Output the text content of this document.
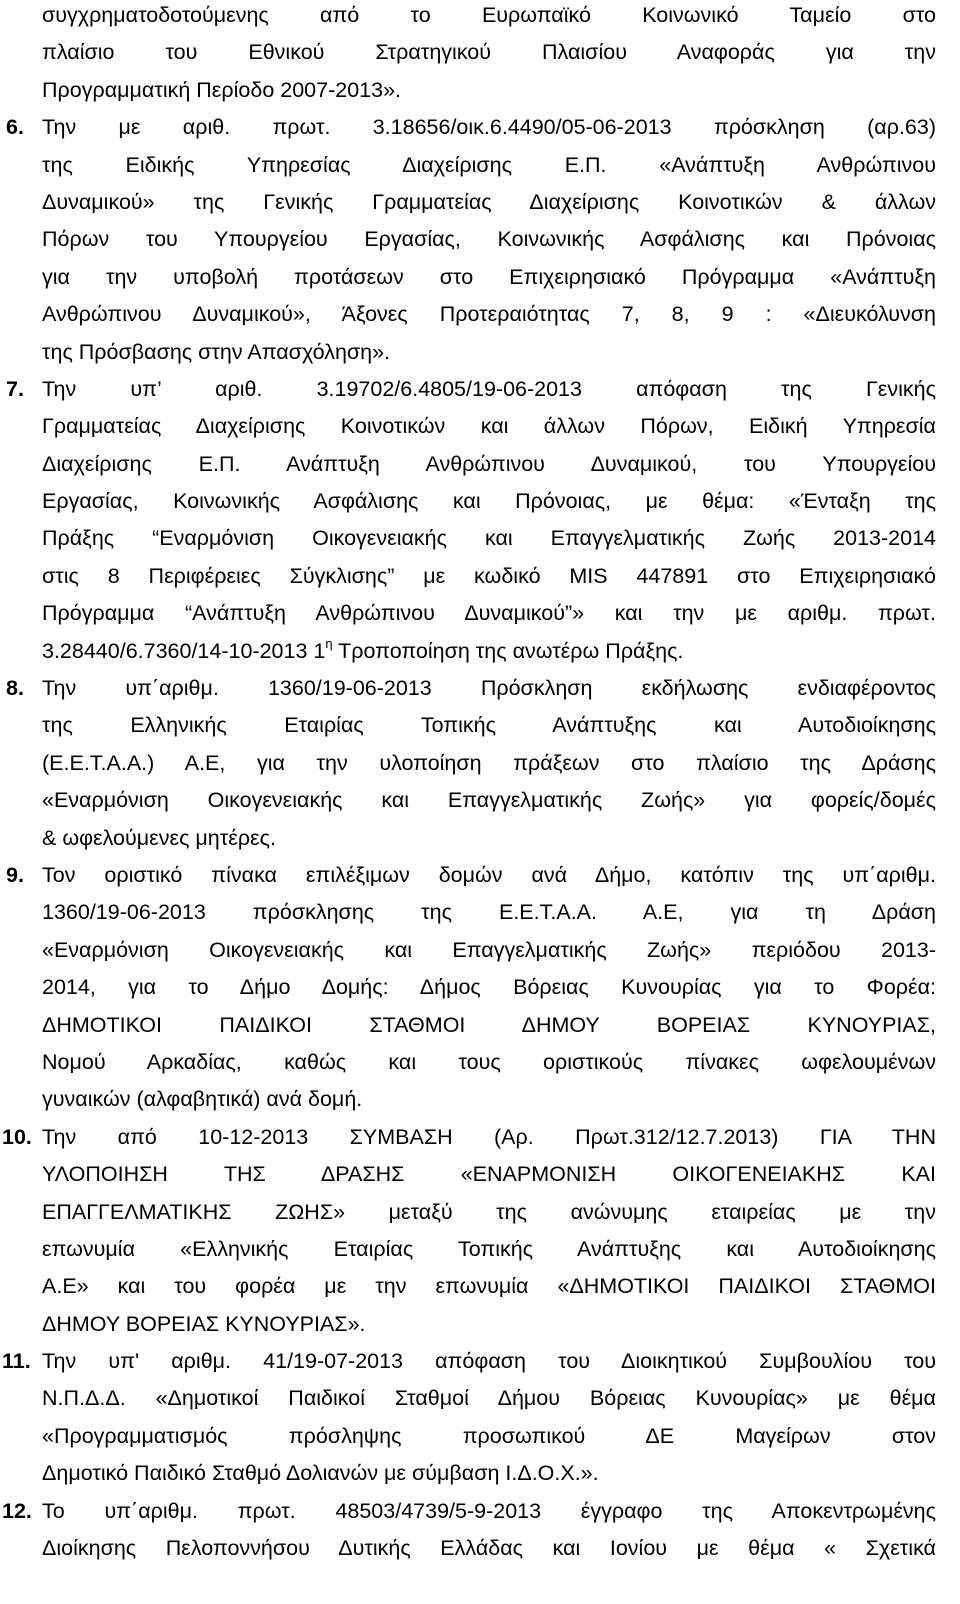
συγχρηματοδοτούμενης από το Ευρωπαϊκό Κοινωνικό Ταμείο στο
πλαίσιο του Εθνικού Στρατηγικού Πλαισίου Αναφοράς για την
Προγραμματική Περίοδο 2007-2013».
6. Την με αριθ. πρωτ. 3.18656/οικ.6.4490/05-06-2013 πρόσκληση (αρ.63)
της Ειδικής Υπηρεσίας Διαχείρισης Ε.Π. «Ανάπτυξη Ανθρώπινου
Δυναμικού» της Γενικής Γραμματείας Διαχείρισης Κοινοτικών & άλλων
Πόρων του Υπουργείου Εργασίας, Κοινωνικής Ασφάλισης και Πρόνοιας
για την υποβολή προτάσεων στο Επιχειρησιακό Πρόγραμμα «Ανάπτυξη
Ανθρώπινου Δυναμικού», Άξονες Προτεραιότητας 7, 8, 9 : «Διευκόλυνση
της Πρόσβασης στην Απασχόληση».
7. Την υπ’ αριθ. 3.19702/6.4805/19-06-2013 απόφαση της Γενικής
Γραμματείας Διαχείρισης Κοινοτικών και άλλων Πόρων, Ειδική Υπηρεσία
Διαχείρισης Ε.Π. Ανάπτυξη Ανθρώπινου Δυναμικού, του Υπουργείου
Εργασίας, Κοινωνικής Ασφάλισης και Πρόνοιας, με θέμα: «Ένταξη της
Πράξης “Εναρμόνιση Οικογενειακής και Επαγγελματικής Ζωής 2013-2014
στις 8 Περιφέρειες Σύγκλισης” με κωδικό MIS 447891 στο Επιχειρησιακό
Πρόγραμμα “Ανάπτυξη Ανθρώπινου Δυναμικού”» και την με αριθμ. πρωτ.
3.28440/6.7360/14-10-2013 $1^\eta$ Τροποποίηση της ανωτέρω Πράξης.
8. Την υπ΄αριθμ. 1360/19-06-2013 Πρόσκληση εκδήλωσης ενδιαφέροντος
της Ελληνικής Εταιρίας Τοπικής Ανάπτυξης και Αυτοδιοίκησης
(Ε.Ε.Τ.Α.Α.) Α.Ε, για την υλοποίηση πράξεων στο πλαίσιο της Δράσης
«Εναρμόνιση Οικογενειακής και Επαγγελματικής Ζωής» για φορείς/δομές
& ωφελούμενες μητέρες.
9. Τον οριστικό πίνακα επιλέξιμων δομών ανά Δήμο, κατόπιν της υπ΄αριθμ.
1360/19-06-2013 πρόσκλησης της Ε.Ε.Τ.Α.Α. Α.Ε, για τη Δράση
«Εναρμόνιση Οικογενειακής και Επαγγελματικής Ζωής» περιόδου 2013-
2014, για το Δήμο Δομής: Δήμος Βόρειας Κυνουρίας για το Φορέα:
ΔΗΜΟΤΙΚΟΙ ΠΑΙΔΙΚΟΙ ΣΤΑΘΜΟΙ ΔΗΜΟΥ ΒΟΡΕΙΑΣ ΚΥΝΟΥΡΙΑΣ,
Νομού Αρκαδίας, καθώς και τους οριστικούς πίνακες ωφελουμένων
γυναικών (αλφαβητικά) ανά δομή.
10. Την από 10-12-2013 ΣΥΜΒΑΣΗ (Αρ. Πρωτ.312/12.7.2013) ΓΙΑ ΤΗΝ
ΥΛΟΠΟΙΗΣΗ ΤΗΣ ΔΡΑΣΗΣ «ΕΝΑΡΜΟΝΙΣΗ ΟΙΚΟΓΕΝΕΙΑΚΗΣ ΚΑΙ
ΕΠΑΓΓΕΛΜΑΤΙΚΗΣ ΖΩΗΣ» μεταξύ της ανώνυμης εταιρείας με την
επωνυμία «Ελληνικής Εταιρίας Τοπικής Ανάπτυξης και Αυτοδιοίκησης
Α.Ε» και του φορέα με την επωνυμία «ΔΗΜΟΤΙΚΟΙ ΠΑΙΔΙΚΟΙ ΣΤΑΘΜΟΙ
ΔΗΜΟΥ ΒΟΡΕΙΑΣ ΚΥΝΟΥΡΙΑΣ».
11. Την υπ' αριθμ. 41/19-07-2013 απόφαση του Διοικητικού Συμβουλίου του
Ν.Π.Δ.Δ. «Δημοτικοί Παιδικοί Σταθμοί Δήμου Βόρειας Κυνουρίας» με θέμα
«Προγραμματισμός πρόσληψης προσωπικού ΔΕ Μαγείρων στον
Δημοτικό Παιδικό Σταθμό Δολιανών με σύμβαση Ι.Δ.Ο.Χ.».
12. Το υπ΄αριθμ. πρωτ. 48503/4739/5-9-2013 έγγραφο της Αποκεντρωμένης
Διοίκησης Πελοποννήσου Δυτικής Ελλάδας και Ιονίου με θέμα « Σχετικά
